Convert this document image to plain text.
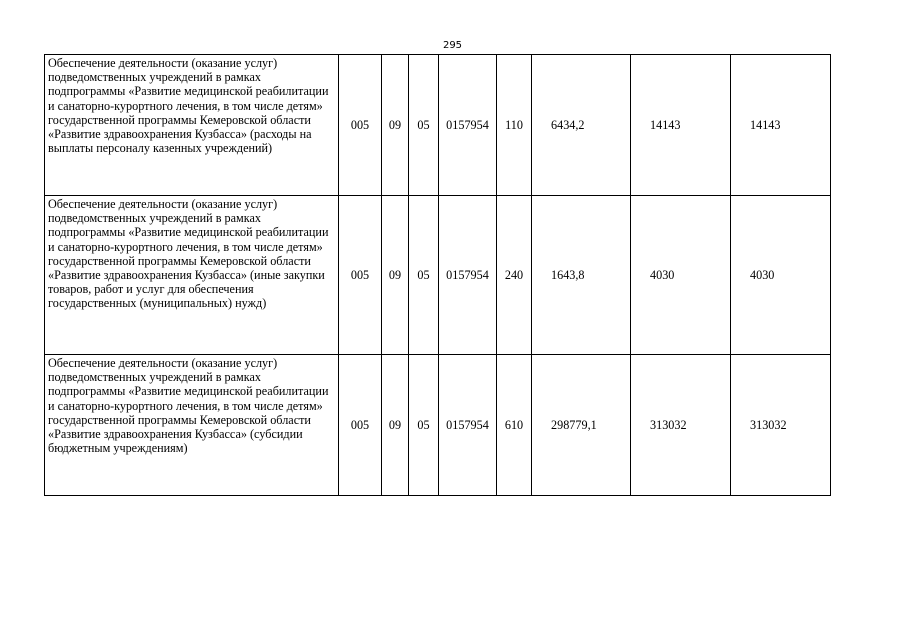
295
Обеспечение деятельности (оказание услуг) подведомственных учреждений в рамках подпрограммы «Развитие медицинской реабилитации и санаторно-курортного лечения, в том числе детям» государственной программы Кемеровской области «Развитие здравоохранения Кузбасса» (расходы на выплаты персоналу казенных учреждений)	005	09	05	0157954	110	6434,2	14143	14143
Обеспечение деятельности (оказание услуг) подведомственных учреждений в рамках подпрограммы «Развитие медицинской реабилитации и санаторно-курортного лечения, в том числе детям» государственной программы Кемеровской области «Развитие здравоохранения Кузбасса» (иные закупки товаров, работ и услуг для обеспечения государственных (муниципальных) нужд)	005	09	05	0157954	240	1643,8	4030	4030
Обеспечение деятельности (оказание услуг) подведомственных учреждений в рамках подпрограммы «Развитие медицинской реабилитации и санаторно-курортного лечения, в том числе детям» государственной программы Кемеровской области «Развитие здравоохранения Кузбасса» (субсидии бюджетным учреждениям)	005	09	05	0157954	610	298779,1	313032	313032
